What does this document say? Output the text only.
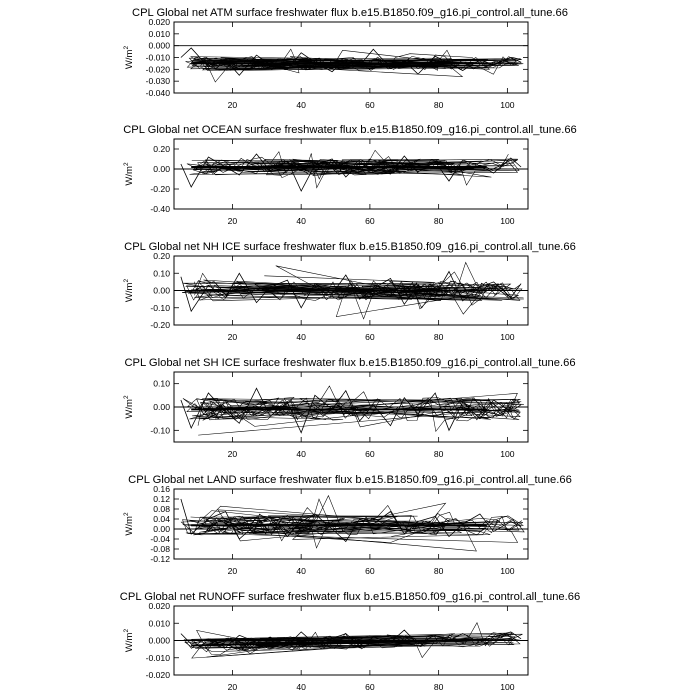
CPL Global net ATM surface freshwater flux b.e15.B1850.f09_g16.pi_control.all_tune.66
0.020
0.010
0.000
-0.010
-0.020
-0.030
-0.040
20	40	60	80	100
$W/m^2$
CPL Global net OCEAN surface freshwater flux b.e15.B1850.f09_g16.pi_control.all_tune.66
0.20
0.00
-0.20
-0.40
20	40	60	80	100
$W/m^2$
CPL Global net NH ICE surface freshwater flux b.e15.B1850.f09_g16.pi_control.all_tune.66
0.20
0.10
0.00
-0.10
-0.20
20	40	60	80	100
$W/m^2$
CPL Global net SH ICE surface freshwater flux b.e15.B1850.f09_g16.pi_control.all_tune.66
0.10
0.00
-0.10
20	40	60	80	100
$W/m^2$
CPL Global net LAND surface freshwater flux b.e15.B1850.f09_g16.pi_control.all_tune.66
0.16
0.12
0.08
0.04
0.00
-0.04
-0.08
-0.12
20	40	60	80	100
$W/m^2$
CPL Global net RUNOFF surface freshwater flux b.e15.B1850.f09_g16.pi_control.all_tune.66
0.020
0.010
0.000
-0.010
-0.020
20	40	60	80	100
$W/m^2$
